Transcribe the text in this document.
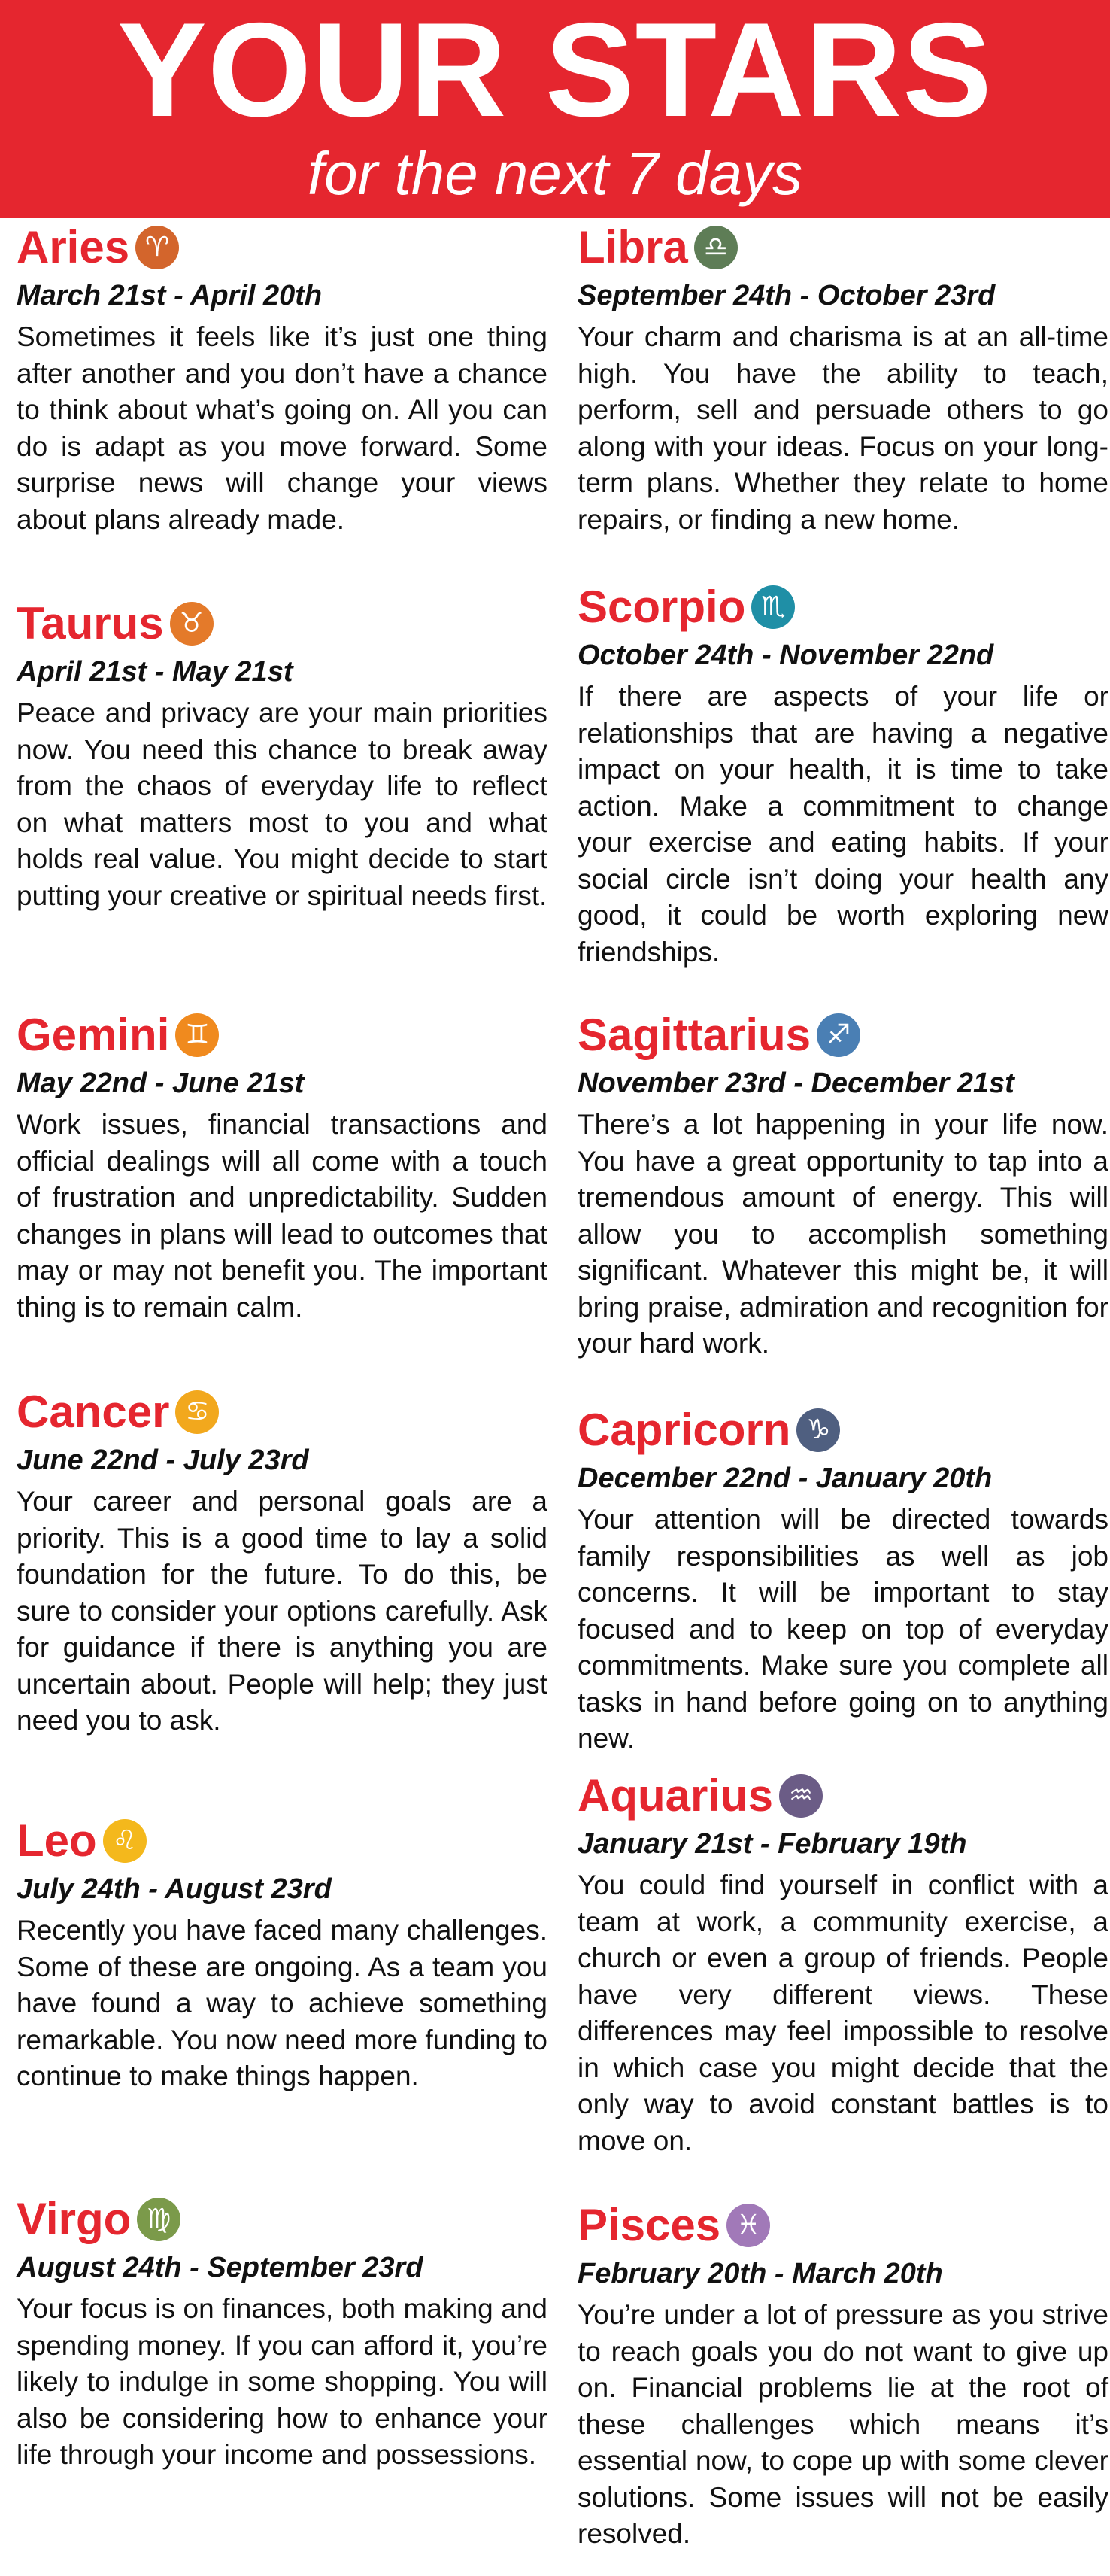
YOUR STARS
for the next 7 days
Aries ♈︎
March 21st - April 20th
Sometimes it feels like it’s just one thing after another and you don’t have a chance to think about what’s going on. All you can do is adapt as you move forward. Some surprise news will change your views about plans already made.
Taurus ♉︎
April 21st - May 21st
Peace and privacy are your main priorities now. You need this chance to break away from the chaos of everyday life to reflect on what matters most to you and what holds real value. You might decide to start putting your creative or spiritual needs first.
Gemini ♊︎
May 22nd - June 21st
Work issues, financial transactions and official dealings will all come with a touch of frustration and unpredictability. Sudden changes in plans will lead to outcomes that may or may not benefit you. The important thing is to remain calm.
Cancer ♋︎
June 22nd - July 23rd
Your career and personal goals are a priority. This is a good time to lay a solid foundation for the future. To do this, be sure to consider your options carefully. Ask for guidance if there is anything you are uncertain about. People will help; they just need you to ask.
Leo ♌︎
July 24th - August 23rd
Recently you have faced many challenges. Some of these are ongoing. As a team you have found a way to achieve something remarkable. You now need more funding to continue to make things happen.
Virgo ♍︎
August 24th - September 23rd
Your focus is on finances, both making and spending money. If you can afford it, you’re likely to indulge in some shopping. You will also be considering how to enhance your life through your income and possessions.
Libra ♎︎
September 24th - October 23rd
Your charm and charisma is at an all-time high. You have the ability to teach, perform, sell and persuade others to go along with your ideas. Focus on your long-term plans. Whether they relate to home repairs, or finding a new home.
Scorpio ♏︎
October 24th - November 22nd
If there are aspects of your life or relationships that are having a negative impact on your health, it is time to take action. Make a commitment to change your exercise and eating habits. If your social circle isn’t doing your health any good, it could be worth exploring new friendships.
Sagittarius ♐︎
November 23rd - December 21st
There’s a lot happening in your life now. You have a great opportunity to tap into a tremendous amount of energy. This will allow you to accomplish something significant. Whatever this might be, it will bring praise, admiration and recognition for your hard work.
Capricorn ♑︎
December 22nd - January 20th
Your attention will be directed towards family responsibilities as well as job concerns. It will be important to stay focused and to keep on top of everyday commitments. Make sure you complete all tasks in hand before going on to anything new.
Aquarius ♒︎
January 21st - February 19th
You could find yourself in conflict with a team at work, a community exercise, a church or even a group of friends. People have very different views. These differences may feel impossible to resolve in which case you might decide that the only way to avoid constant battles is to move on.
Pisces ♓︎
February 20th - March 20th
You’re under a lot of pressure as you strive to reach goals you do not want to give up on. Financial problems lie at the root of these challenges which means it’s essential now, to cope up with some clever solutions. Some issues will not be easily resolved.
